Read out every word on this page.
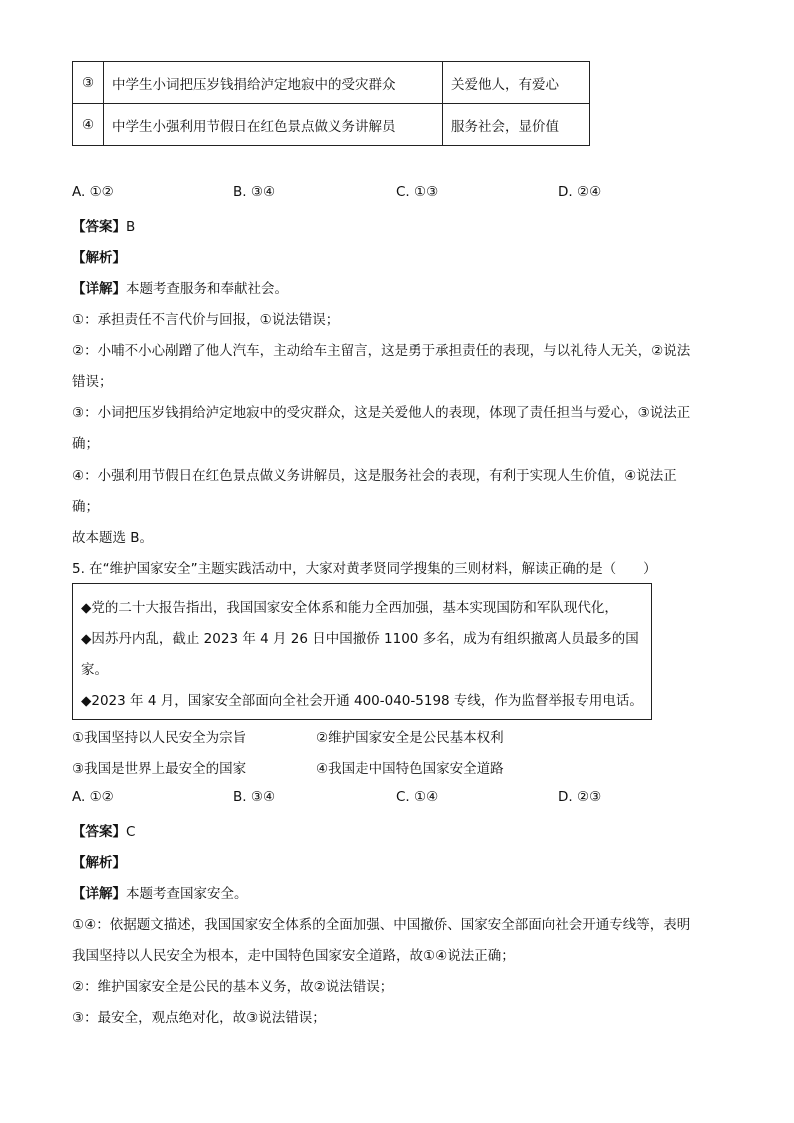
③	中学生小词把压岁钱捐给泸定地寂中的受灾群众	关爱他人，有爱心
④	中学生小强利用节假日在红色景点做义务讲解员	服务社会，显价值
A. ①②	B. ③④	C. ①③	D. ②④
【答案】B
【解析】
【详解】本题考查服务和奉献社会。
①：承担责任不言代价与回报，①说法错误；
②：小哺不小心剐蹭了他人汽车，主动给车主留言，这是勇于承担责任的表现，与以礼待人无关，②说法
错误；
③：小词把压岁钱捐给泸定地寂中的受灾群众，这是关爱他人的表现，体现了责任担当与爱心，③说法正
确；
④：小强利用节假日在红色景点做义务讲解员，这是服务社会的表现，有利于实现人生价值，④说法正
确；
故本题选 B。
5. 在“维护国家安全”主题实践活动中，大家对黄孝贤同学搜集的三则材料，解读正确的是（　　）
◆党的二十大报告指出，我国国家安全体系和能力全西加强，基本实现国防和军队现代化，
◆因苏丹内乱，截止 2023 年 4 月 26 日中国撤侨 1100 多名，成为有组织撤离人员最多的国
家。
◆2023 年 4 月，国家安全部面向全社会开通 400-040-5198 专线，作为监督举报专用电话。
①我国坚持以人民安全为宗旨	②维护国家安全是公民基本权利
③我国是世界上最安全的国家	④我国走中国特色国家安全道路
A. ①②	B. ③④	C. ①④	D. ②③
【答案】C
【解析】
【详解】本题考查国家安全。
①④：依据题文描述，我国国家安全体系的全面加强、中国撤侨、国家安全部面向社会开通专线等，表明
我国坚持以人民安全为根本，走中国特色国家安全道路，故①④说法正确；
②：维护国家安全是公民的基本义务，故②说法错误；
③：最安全，观点绝对化，故③说法错误；
